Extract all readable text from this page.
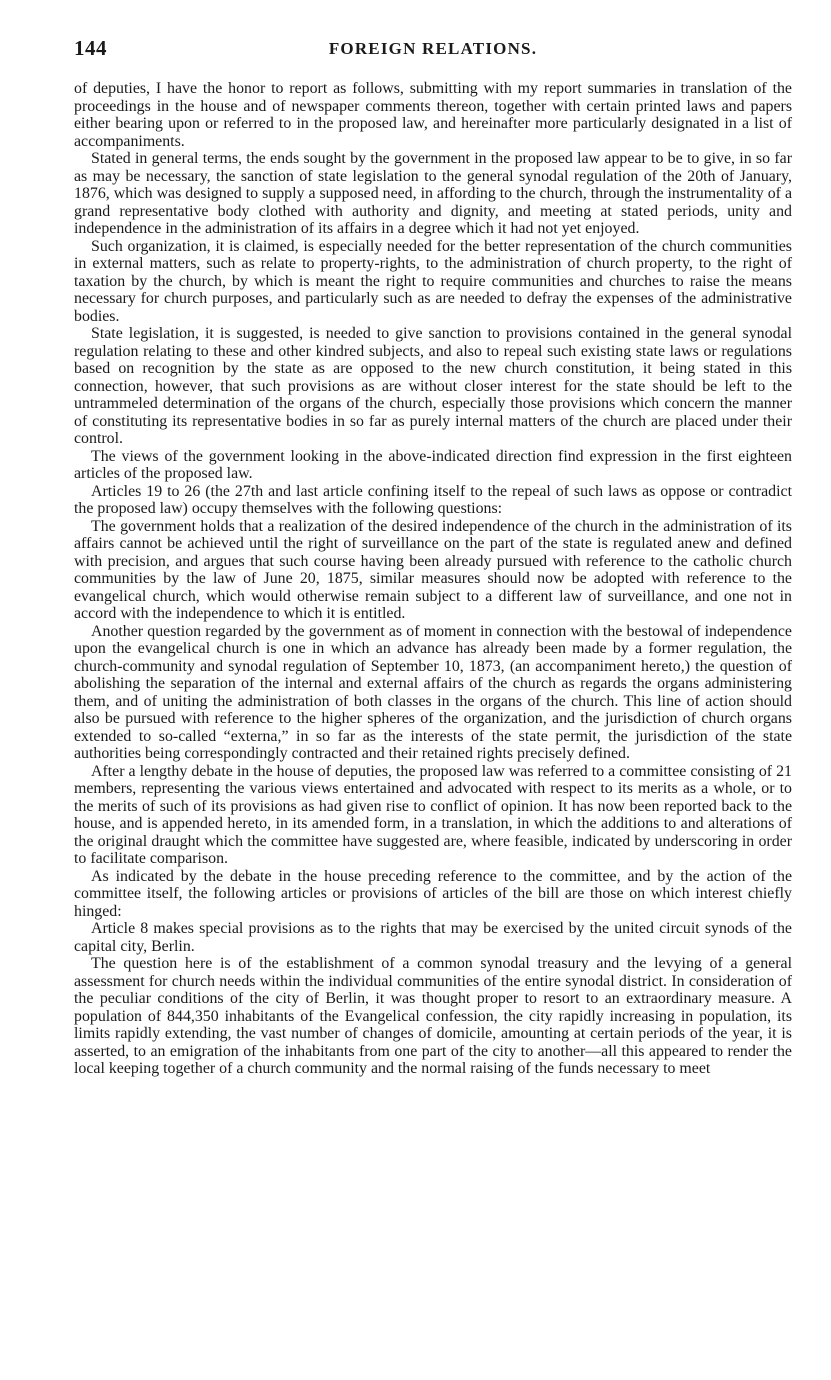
144	FOREIGN RELATIONS.

of deputies, I have the honor to report as follows, submitting with my report summaries in translation of the proceedings in the house and of newspaper comments thereon, together with certain printed laws and papers either bearing upon or referred to in the proposed law, and hereinafter more particularly designated in a list of accompaniments.

Stated in general terms, the ends sought by the government in the proposed law appear to be to give, in so far as may be necessary, the sanction of state legislation to the general synodal regulation of the 20th of January, 1876, which was designed to supply a supposed need, in affording to the church, through the instrumentality of a grand representative body clothed with authority and dignity, and meeting at stated periods, unity and independence in the administration of its affairs in a degree which it had not yet enjoyed.

Such organization, it is claimed, is especially needed for the better representation of the church communities in external matters, such as relate to property-rights, to the administration of church property, to the right of taxation by the church, by which is meant the right to require communities and churches to raise the means necessary for church purposes, and particularly such as are needed to defray the expenses of the administrative bodies.

State legislation, it is suggested, is needed to give sanction to provisions contained in the general synodal regulation relating to these and other kindred subjects, and also to repeal such existing state laws or regulations based on recognition by the state as are opposed to the new church constitution, it being stated in this connection, however, that such provisions as are without closer interest for the state should be left to the untrammeled determination of the organs of the church, especially those provisions which concern the manner of constituting its representative bodies in so far as purely internal matters of the church are placed under their control.

The views of the government looking in the above-indicated direction find expression in the first eighteen articles of the proposed law.

Articles 19 to 26 (the 27th and last article confining itself to the repeal of such laws as oppose or contradict the proposed law) occupy themselves with the following questions:

The government holds that a realization of the desired independence of the church in the administration of its affairs cannot be achieved until the right of surveillance on the part of the state is regulated anew and defined with precision, and argues that such course having been already pursued with reference to the catholic church communities by the law of June 20, 1875, similar measures should now be adopted with reference to the evangelical church, which would otherwise remain subject to a different law of surveillance, and one not in accord with the independence to which it is entitled.

Another question regarded by the government as of moment in connection with the bestowal of independence upon the evangelical church is one in which an advance has already been made by a former regulation, the church-community and synodal regulation of September 10, 1873, (an accompaniment hereto,) the question of abolishing the separation of the internal and external affairs of the church as regards the organs administering them, and of uniting the administration of both classes in the organs of the church. This line of action should also be pursued with reference to the higher spheres of the organization, and the jurisdiction of church organs extended to so-called “externa,” in so far as the interests of the state permit, the jurisdiction of the state authorities being correspondingly contracted and their retained rights precisely defined.

After a lengthy debate in the house of deputies, the proposed law was referred to a committee consisting of 21 members, representing the various views entertained and advocated with respect to its merits as a whole, or to the merits of such of its provisions as had given rise to conflict of opinion. It has now been reported back to the house, and is appended hereto, in its amended form, in a translation, in which the additions to and alterations of the original draught which the committee have suggested are, where feasible, indicated by underscoring in order to facilitate comparison.

As indicated by the debate in the house preceding reference to the committee, and by the action of the committee itself, the following articles or provisions of articles of the bill are those on which interest chiefly hinged:

Article 8 makes special provisions as to the rights that may be exercised by the united circuit synods of the capital city, Berlin.

The question here is of the establishment of a common synodal treasury and the levying of a general assessment for church needs within the individual communities of the entire synodal district. In consideration of the peculiar conditions of the city of Berlin, it was thought proper to resort to an extraordinary measure. A population of 844,350 inhabitants of the Evangelical confession, the city rapidly increasing in population, its limits rapidly extending, the vast number of changes of domicile, amounting at certain periods of the year, it is asserted, to an emigration of the inhabitants from one part of the city to another—all this appeared to render the local keeping together of a church community and the normal raising of the funds necessary to meet
